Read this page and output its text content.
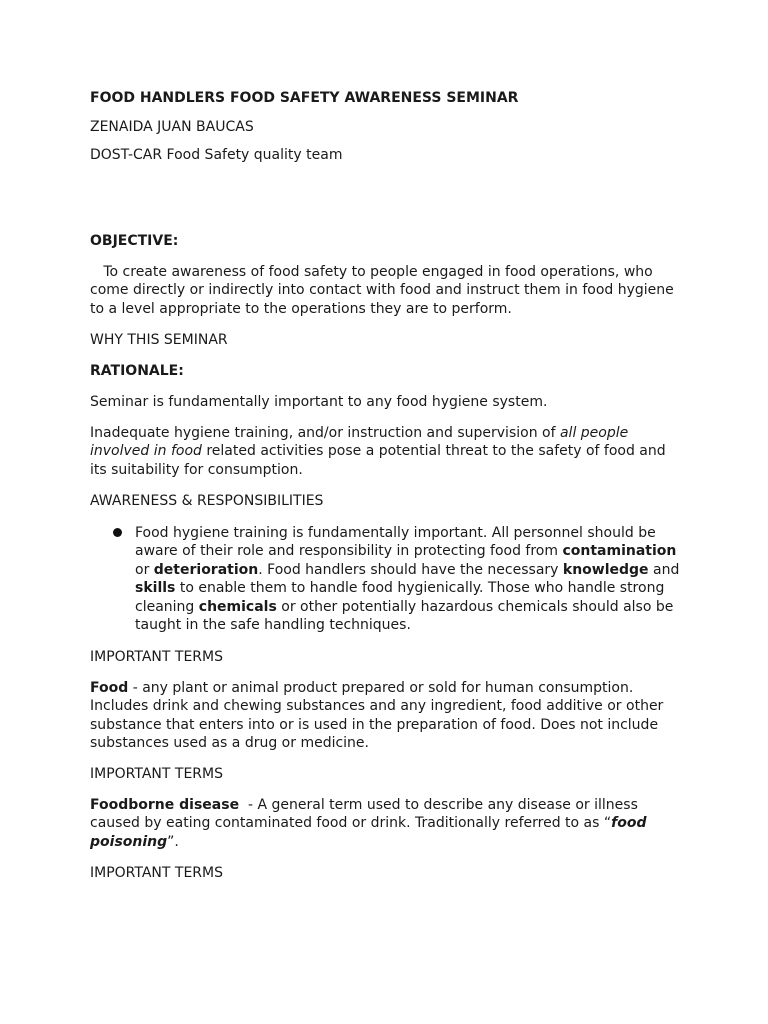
FOOD HANDLERS FOOD SAFETY AWARENESS SEMINAR

ZENAIDA JUAN BAUCAS

DOST-CAR Food Safety quality team

OBJECTIVE:

To create awareness of food safety to people engaged in food operations, who come directly or indirectly into contact with food and instruct them in food hygiene to a level appropriate to the operations they are to perform.

WHY THIS SEMINAR

RATIONALE:

Seminar is fundamentally important to any food hygiene system.

Inadequate hygiene training, and/or instruction and supervision of all people involved in food related activities pose a potential threat to the safety of food and its suitability for consumption.

AWARENESS & RESPONSIBILITIES

Food hygiene training is fundamentally important. All personnel should be aware of their role and responsibility in protecting food from contamination or deterioration. Food handlers should have the necessary knowledge and skills to enable them to handle food hygienically. Those who handle strong cleaning chemicals or other potentially hazardous chemicals should also be taught in the safe handling techniques.

IMPORTANT TERMS

Food - any plant or animal product prepared or sold for human consumption. Includes drink and chewing substances and any ingredient, food additive or other substance that enters into or is used in the preparation of food. Does not include substances used as a drug or medicine.

IMPORTANT TERMS

Foodborne disease  - A general term used to describe any disease or illness caused by eating contaminated food or drink. Traditionally referred to as “food poisoning”.

IMPORTANT TERMS
